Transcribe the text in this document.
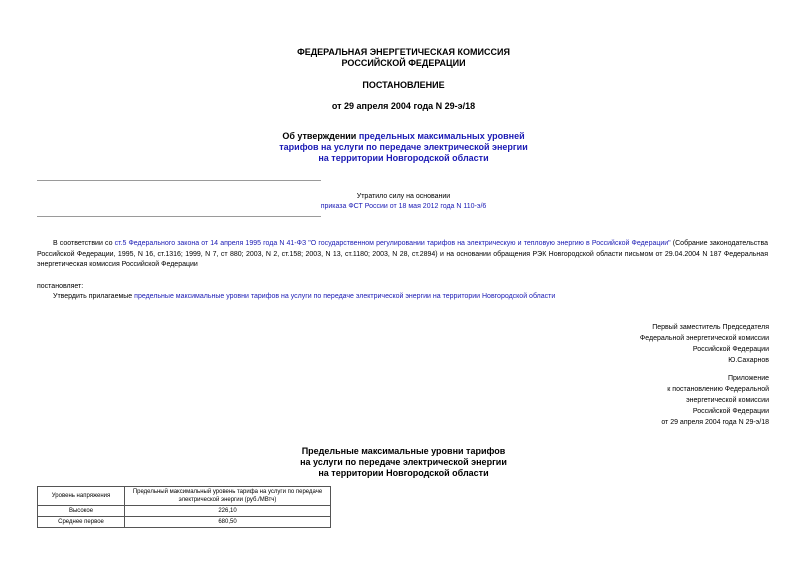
ФЕДЕРАЛЬНАЯ ЭНЕРГЕТИЧЕСКАЯ КОМИССИЯ
РОССИЙСКОЙ ФЕДЕРАЦИИ
ПОСТАНОВЛЕНИЕ
от 29 апреля 2004 года N 29-э/18
Об утверждении предельных максимальных уровней
тарифов на услуги по передаче электрической энергии
на территории Новгородской области
Утратило силу на основании
приказа ФСТ России от 18 мая 2012 года N 110-э/6
В соответствии со ст.5 Федерального закона от 14 апреля 1995 года N 41-ФЗ "О государственном регулировании тарифов на электрическую и тепловую энергию в Российской Федерации" (Собрание законодательства Российской Федерации, 1995, N 16, ст.1316; 1999, N 7, ст 880; 2003, N 2, ст.158; 2003, N 13, ст.1180; 2003, N 28, ст.2894) и на основании обращения РЭК Новгородской области письмом от 29.04.2004 N 187 Федеральная энергетическая комиссия Российской Федерации
постановляет:
Утвердить прилагаемые предельные максимальные уровни тарифов на услуги по передаче электрической энергии на территории Новгородской области
Первый заместитель Председателя
Федеральной энергетической комиссии
Российской Федерации
Ю.Сахарнов
Приложение
к постановлению Федеральной
энергетической комиссии
Российской Федерации
от 29 апреля 2004 года N 29-э/18
Предельные максимальные уровни тарифов
на услуги по передаче электрической энергии
на территории Новгородской области
Уровень напряжения	Предельный максимальный уровень тарифа на услуги по передаче электрической энергии (руб./МВтч)
Высокое	226,10
Среднее первое	680,50
